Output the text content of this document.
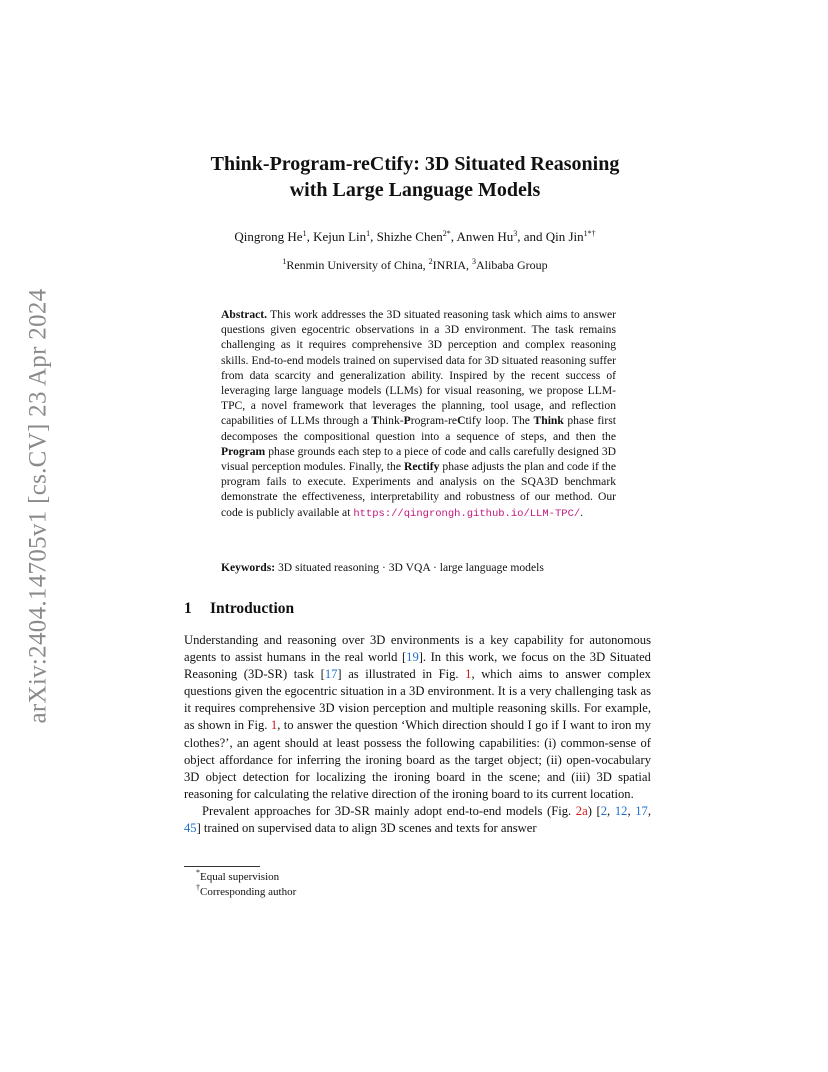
arXiv:2404.14705v1 [cs.CV] 23 Apr 2024
Think-Program-reCtify: 3D Situated Reasoning
with Large Language Models
Qingrong He$^1$, Kejun Lin$^1$, Shizhe Chen$^{2*}$, Anwen Hu$^3$, and Qin Jin$^{1*\dagger}$
$^1$Renmin University of China, $^2$INRIA, $^3$Alibaba Group
Abstract. This work addresses the 3D situated reasoning task which aims to answer questions given egocentric observations in a 3D environment. The task remains challenging as it requires comprehensive 3D perception and complex reasoning skills. End-to-end models trained on supervised data for 3D situated reasoning suffer from data scarcity and generalization ability. Inspired by the recent success of leveraging large language models (LLMs) for visual reasoning, we propose LLM-TPC, a novel framework that leverages the planning, tool usage, and reflection capabilities of LLMs through a Think-Program-reCtify loop. The Think phase first decomposes the compositional question into a sequence of steps, and then the Program phase grounds each step to a piece of code and calls carefully designed 3D visual perception modules. Finally, the Rectify phase adjusts the plan and code if the program fails to execute. Experiments and analysis on the SQA3D benchmark demonstrate the effectiveness, interpretability and robustness of our method. Our code is publicly available at https://qingrongh.github.io/LLM-TPC/.
Keywords: 3D situated reasoning · 3D VQA · large language models
1 Introduction

Understanding and reasoning over 3D environments is a key capability for autonomous agents to assist humans in the real world [19]. In this work, we focus on the 3D Situated Reasoning (3D-SR) task [17] as illustrated in Fig. 1, which aims to answer complex questions given the egocentric situation in a 3D environment. It is a very challenging task as it requires comprehensive 3D vision perception and multiple reasoning skills. For example, as shown in Fig. 1, to answer the question ‘Which direction should I go if I want to iron my clothes?’, an agent should at least possess the following capabilities: (i) common-sense of object affordance for inferring the ironing board as the target object; (ii) open-vocabulary 3D object detection for localizing the ironing board in the scene; and (iii) 3D spatial reasoning for calculating the relative direction of the ironing board to its current location.

Prevalent approaches for 3D-SR mainly adopt end-to-end models (Fig. 2a) [2, 12, 17, 45] trained on supervised data to align 3D scenes and texts for answer

*Equal supervision
†Corresponding author
